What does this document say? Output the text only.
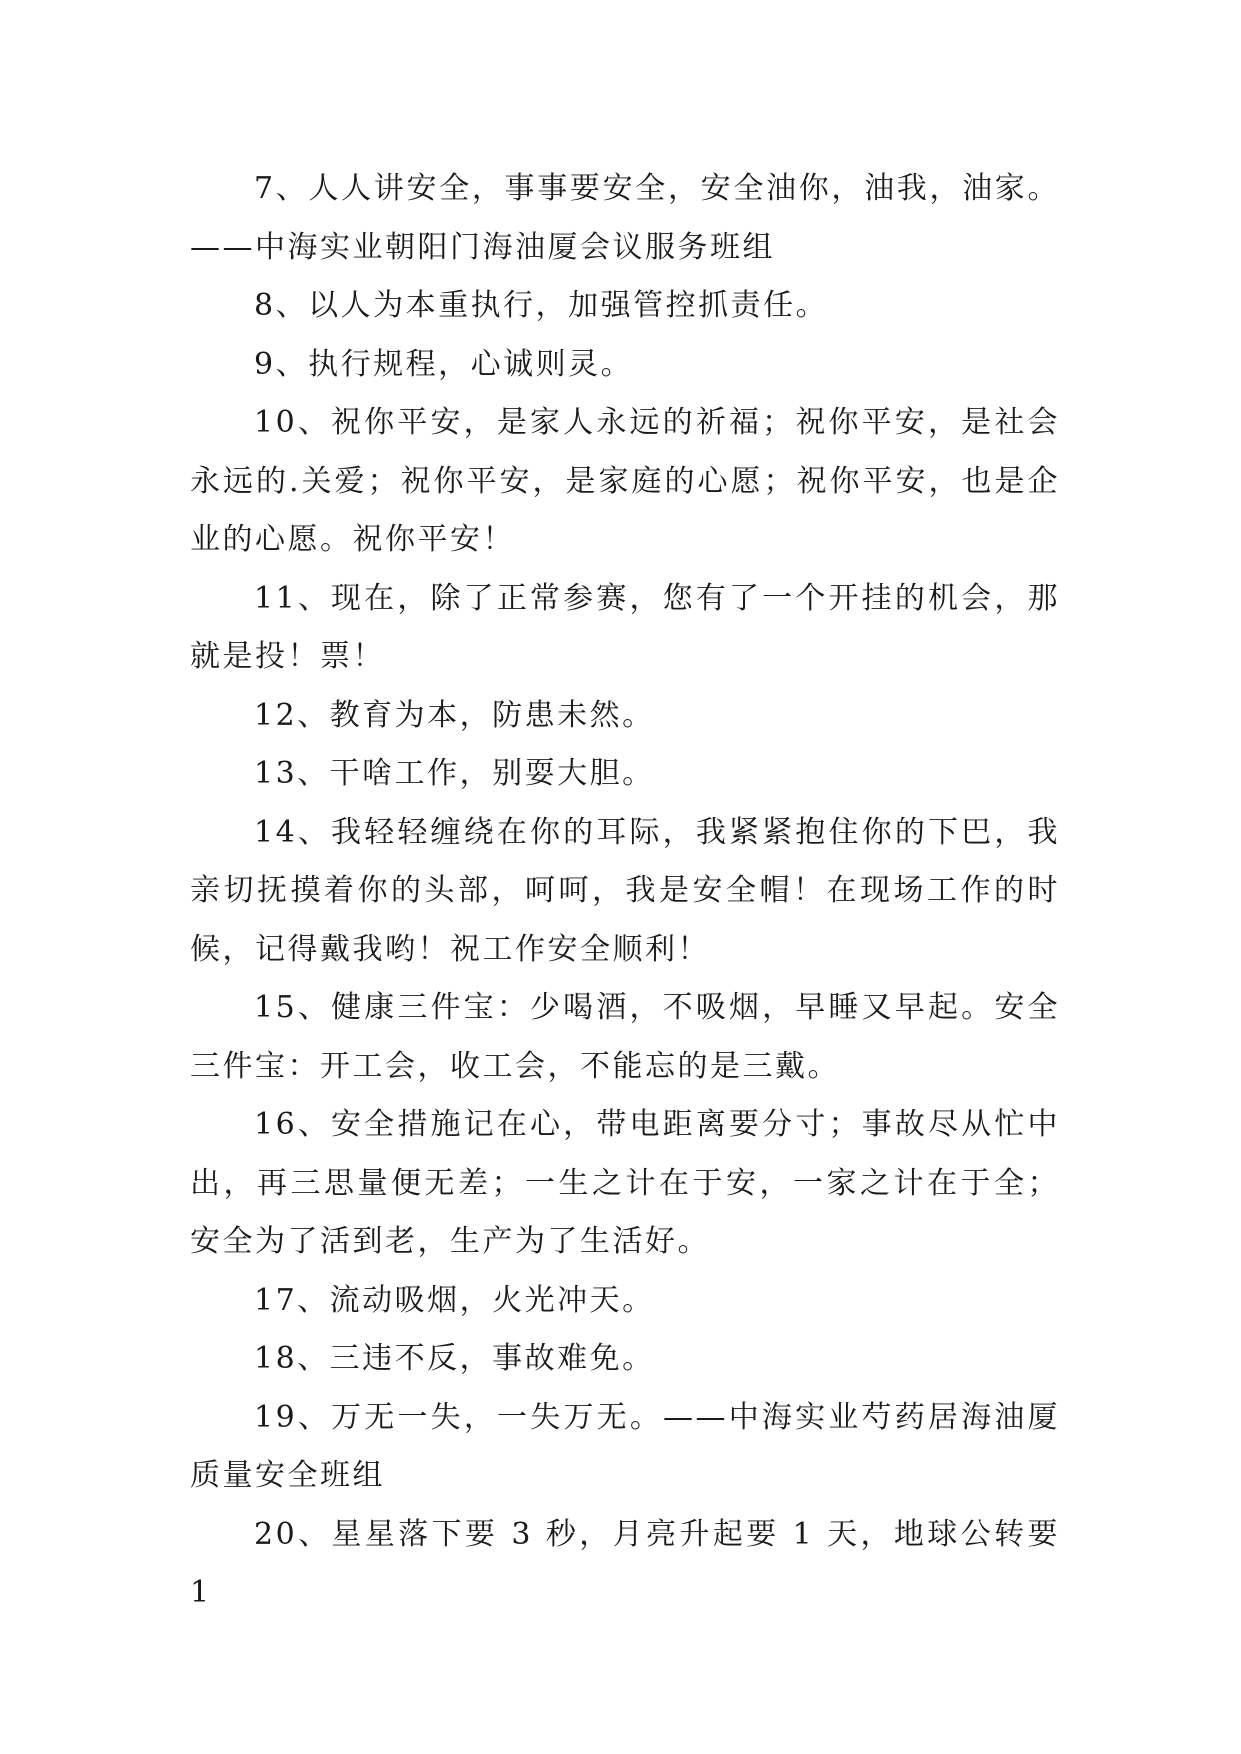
7、人人讲安全，事事要安全，安全油你，油我，油家。——中海实业朝阳门海油厦会议服务班组

8、以人为本重执行，加强管控抓责任。

9、执行规程，心诚则灵。

10、祝你平安，是家人永远的祈福；祝你平安，是社会永远的.关爱；祝你平安，是家庭的心愿；祝你平安，也是企业的心愿。祝你平安！

11、现在，除了正常参赛，您有了一个开挂的机会，那就是投！票！

12、教育为本，防患未然。

13、干啥工作，别耍大胆。

14、我轻轻缠绕在你的耳际，我紧紧抱住你的下巴，我亲切抚摸着你的头部，呵呵，我是安全帽！在现场工作的时候，记得戴我哟！祝工作安全顺利！

15、健康三件宝：少喝酒，不吸烟，早睡又早起。安全三件宝：开工会，收工会，不能忘的是三戴。

16、安全措施记在心，带电距离要分寸；事故尽从忙中出，再三思量便无差；一生之计在于安，一家之计在于全；安全为了活到老，生产为了生活好。

17、流动吸烟，火光冲天。

18、三违不反，事故难免。

19、万无一失，一失万无。——中海实业芍药居海油厦质量安全班组

20、星星落下要 3 秒，月亮升起要 1 天，地球公转要 1
